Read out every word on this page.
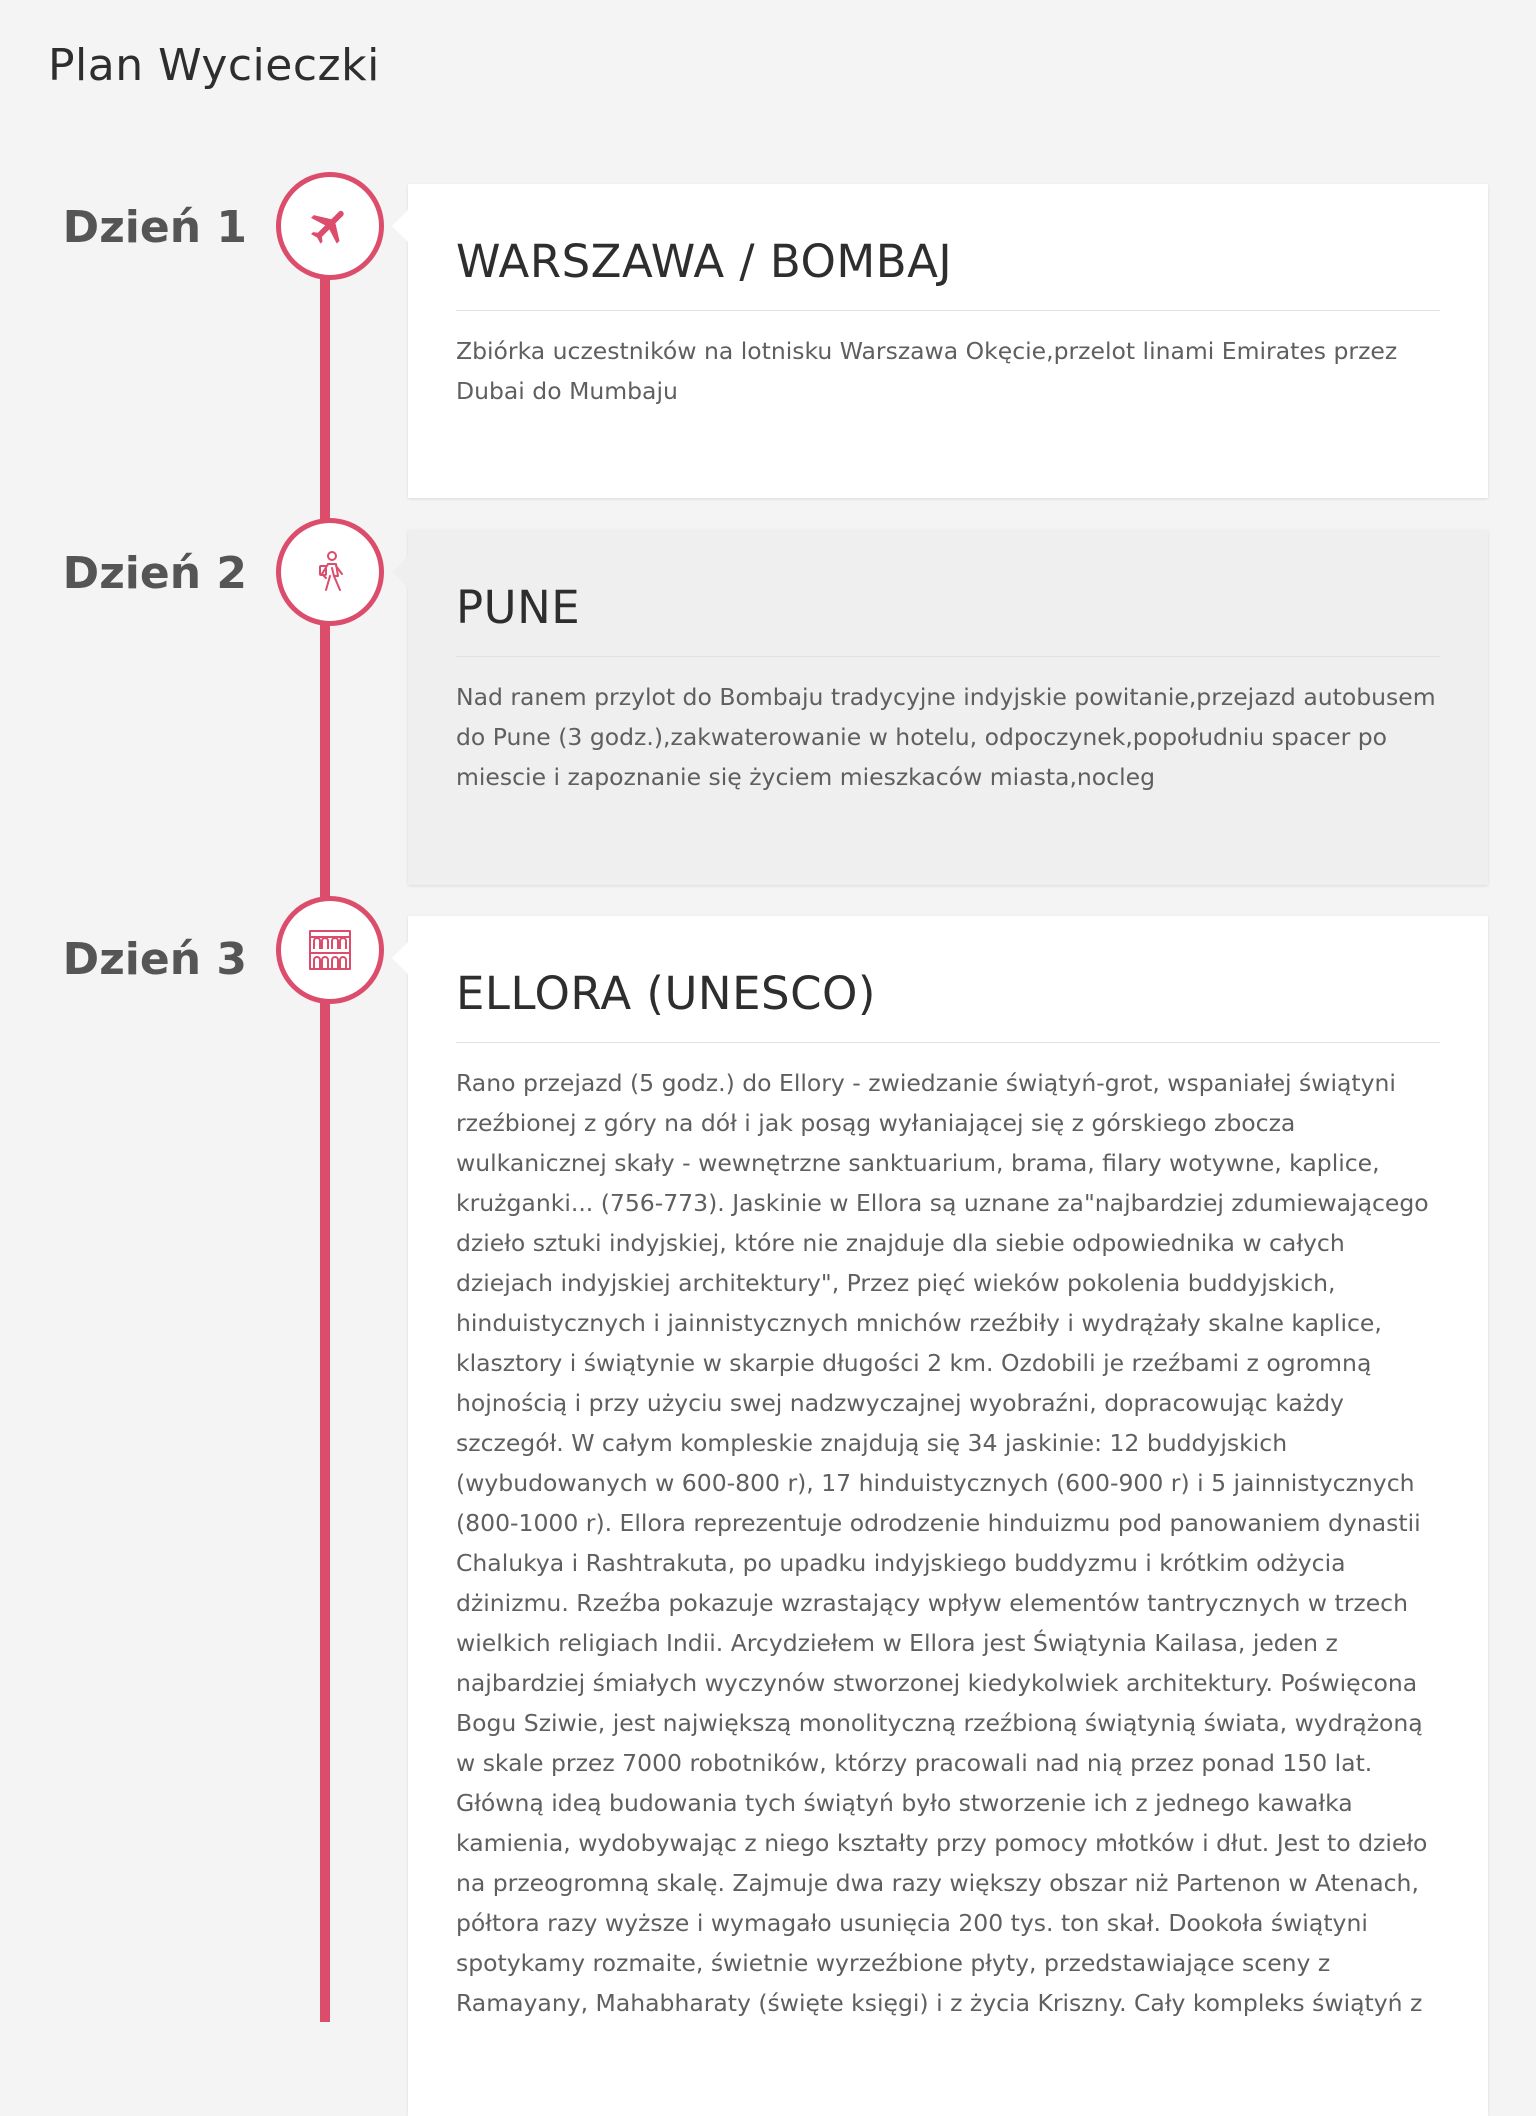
Plan Wycieczki
Dzień 1
WARSZAWA / BOMBAJ

Zbiórka uczestników na lotnisku Warszawa Okęcie,przelot linami Emirates przez Dubai do Mumbaju

Dzień 2
PUNE

Nad ranem przylot do Bombaju tradycyjne indyjskie powitanie,przejazd autobusem do Pune (3 godz.),zakwaterowanie w hotelu, odpoczynek,popołudniu spacer po miescie i zapoznanie się życiem mieszkaców miasta,nocleg

Dzień 3
ELLORA (UNESCO)

Rano przejazd (5 godz.) do Ellory - zwiedzanie świątyń-grot, wspaniałej świątyni rzeźbionej z góry na dół i jak posąg wyłaniającej się z górskiego zbocza wulkanicznej skały - wewnętrzne sanktuarium, brama, filary wotywne, kaplice, krużganki... (756-773). Jaskinie w Ellora są uznane za"najbardziej zdumiewającego dzieło sztuki indyjskiej, które nie znajduje dla siebie odpowiednika w całych dziejach indyjskiej architektury", Przez pięć wieków pokolenia buddyjskich, hinduistycznych i jainnistycznych mnichów rzeźbiły i wydrążały skalne kaplice, klasztory i świątynie w skarpie długości 2 km. Ozdobili je rzeźbami z ogromną hojnością i przy użyciu swej nadzwyczajnej wyobraźni, dopracowując każdy szczegół. W całym kompleskie znajdują się 34 jaskinie: 12 buddyjskich (wybudowanych w 600-800 r), 17 hinduistycznych (600-900 r) i 5 jainnistycznych (800-1000 r). Ellora reprezentuje odrodzenie hinduizmu pod panowaniem dynastii Chalukya i Rashtrakuta, po upadku indyjskiego buddyzmu i krótkim odżycia dżinizmu. Rzeźba pokazuje wzrastający wpływ elementów tantrycznych w trzech wielkich religiach Indii. Arcydziełem w Ellora jest Świątynia Kailasa, jeden z najbardziej śmiałych wyczynów stworzonej kiedykolwiek architektury. Poświęcona Bogu Sziwie, jest największą monolityczną rzeźbioną świątynią świata, wydrążoną w skale przez 7000 robotników, którzy pracowali nad nią przez ponad 150 lat. Główną ideą budowania tych świątyń było stworzenie ich z jednego kawałka kamienia, wydobywając z niego kształty przy pomocy młotków i dłut. Jest to dzieło na przeogromną skalę. Zajmuje dwa razy większy obszar niż Partenon w Atenach, półtora razy wyższe i wymagało usunięcia 200 tys. ton skał. Dookoła świątyni spotykamy rozmaite, świetnie wyrzeźbione płyty, przedstawiające sceny z Ramayany, Mahabharaty (święte księgi) i z życia Kriszny. Cały kompleks świątyń z
